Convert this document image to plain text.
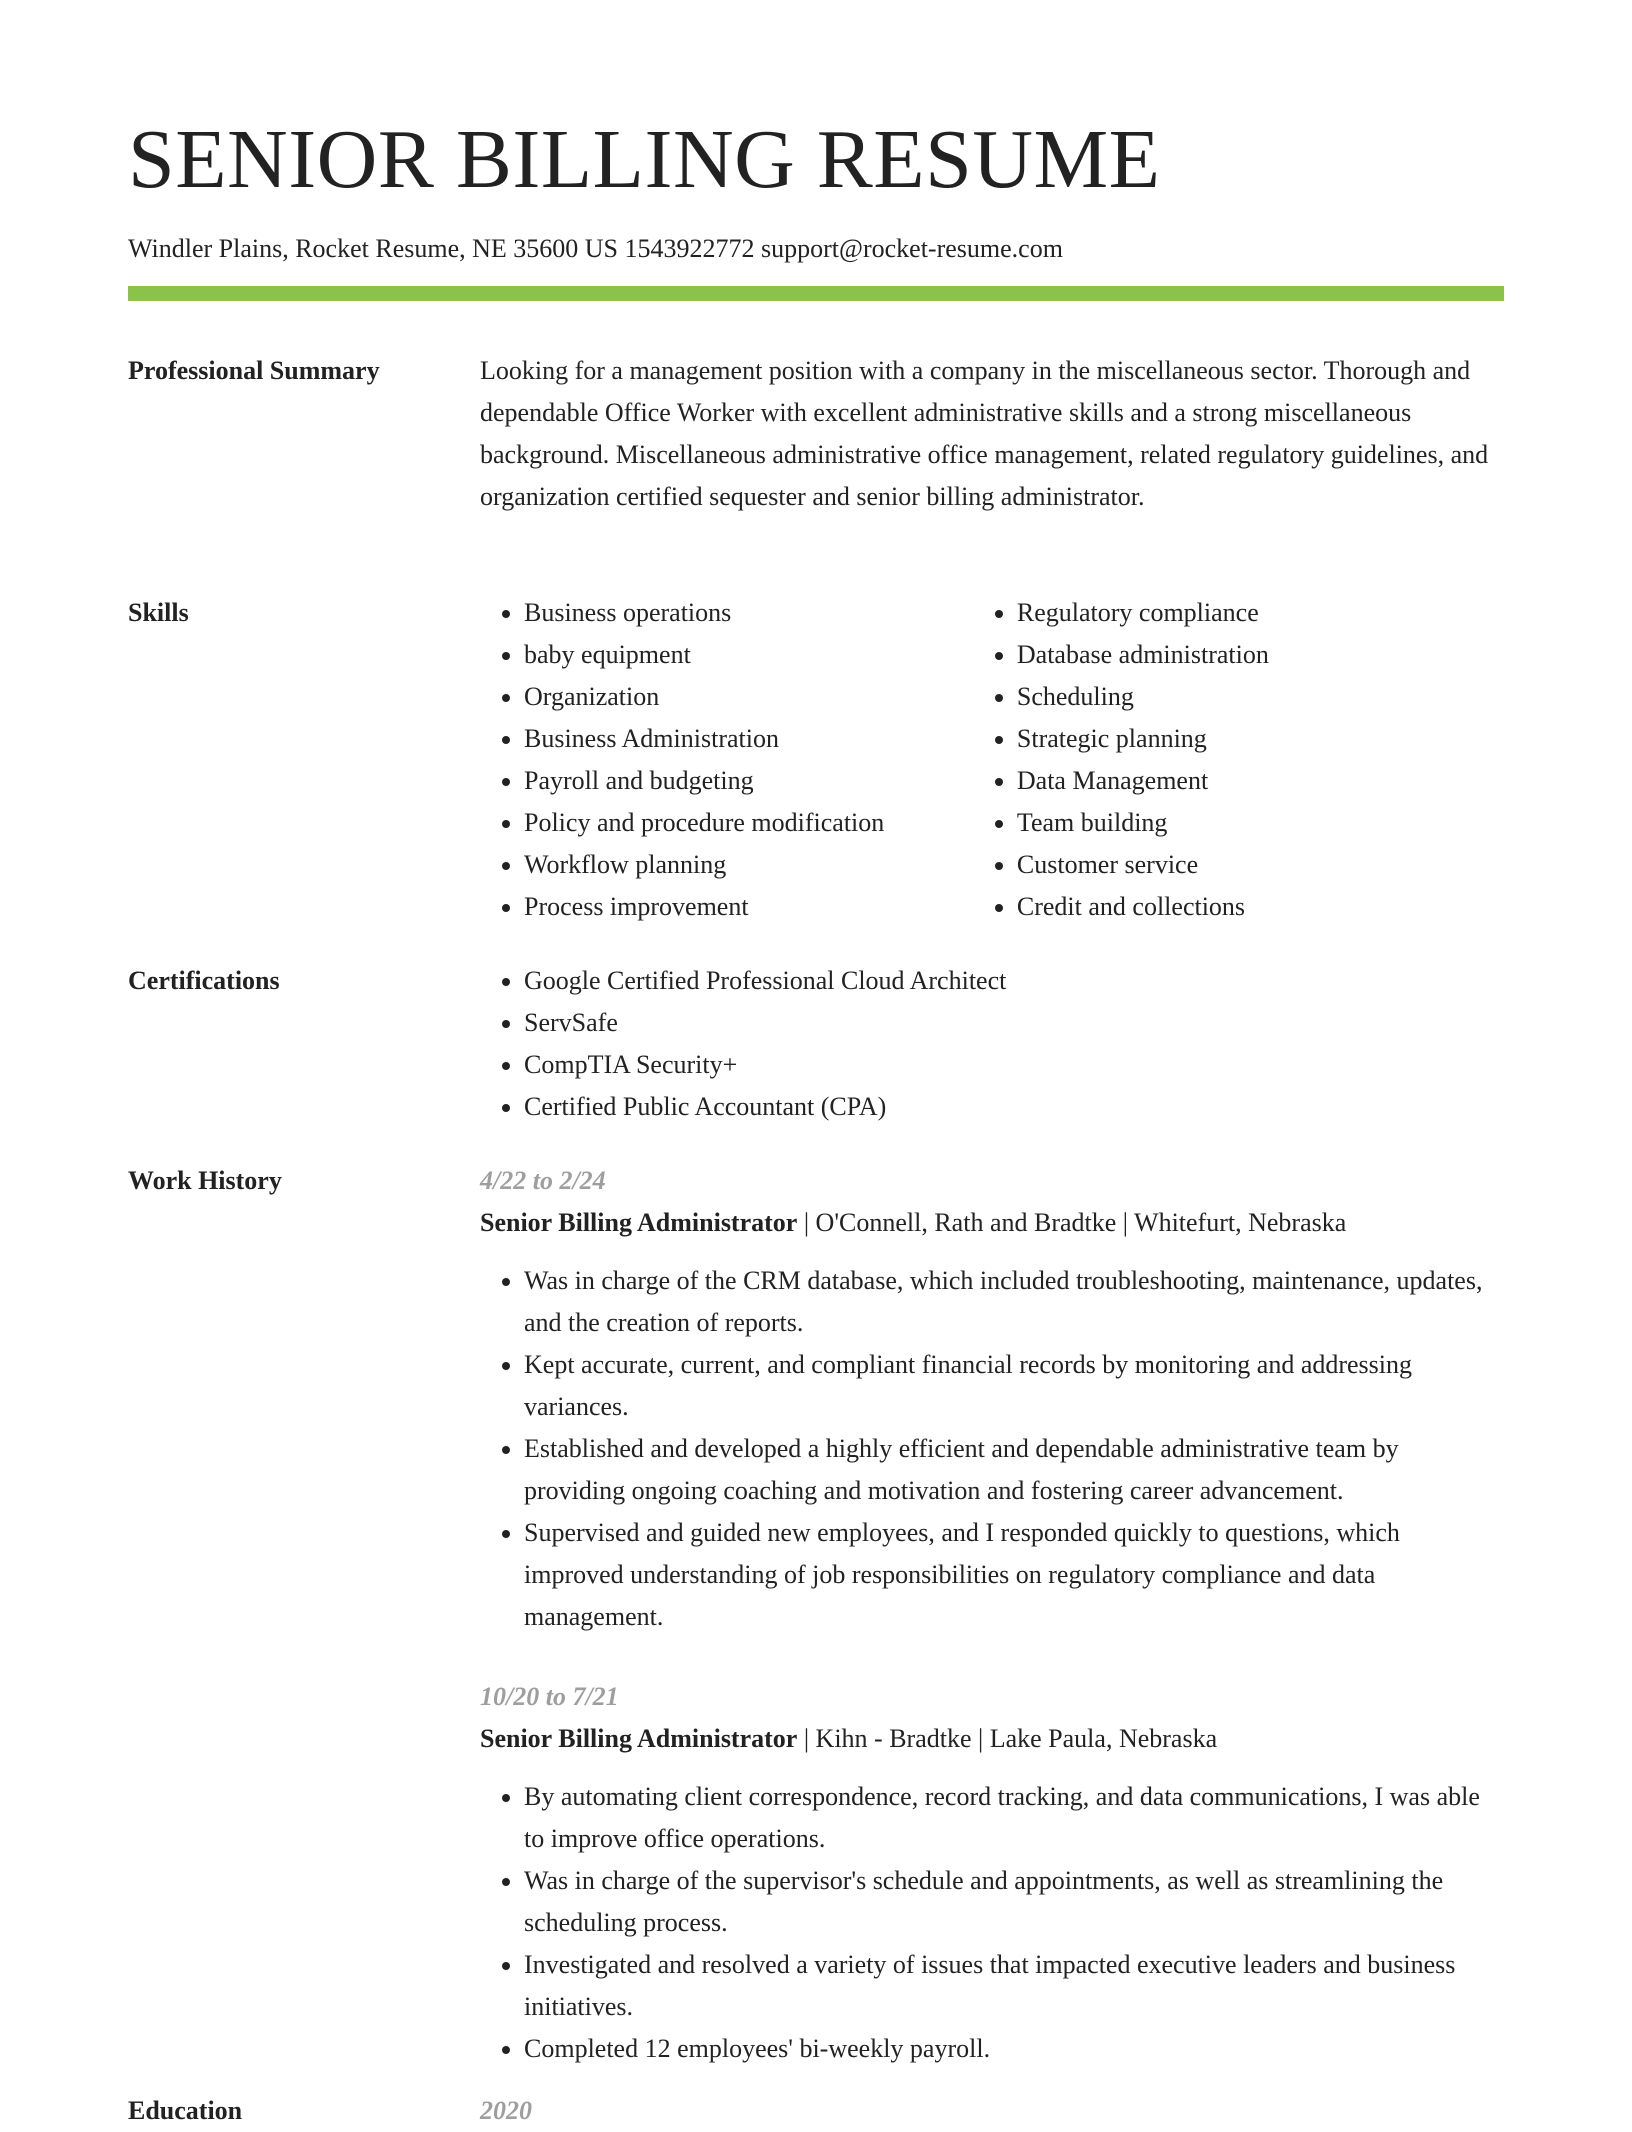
SENIOR BILLING RESUME
Windler Plains, Rocket Resume, NE 35600 US 1543922772 support@rocket-resume.com
Professional Summary	Looking for a management position with a company in the miscellaneous sector. Thorough and dependable Office Worker with excellent administrative skills and a strong miscellaneous background. Miscellaneous administrative office management, related regulatory guidelines, and organization certified sequester and senior billing administrator.

Skills	• Business operations
• baby equipment
• Organization
• Business Administration
• Payroll and budgeting
• Policy and procedure modification
• Workflow planning
• Process improvement
• Regulatory compliance
• Database administration
• Scheduling
• Strategic planning
• Data Management
• Team building
• Customer service
• Credit and collections
Certifications	• Google Certified Professional Cloud Architect
• ServSafe
• CompTIA Security+
• Certified Public Accountant (CPA)
Work History	4/22 to 2/24
Senior Billing Administrator | O'Connell, Rath and Bradtke | Whitefurt, Nebraska
• Was in charge of the CRM database, which included troubleshooting, maintenance, updates, and the creation of reports.
• Kept accurate, current, and compliant financial records by monitoring and addressing variances.
• Established and developed a highly efficient and dependable administrative team by providing ongoing coaching and motivation and fostering career advancement.
• Supervised and guided new employees, and I responded quickly to questions, which improved understanding of job responsibilities on regulatory compliance and data management.
10/20 to 7/21
Senior Billing Administrator | Kihn - Bradtke | Lake Paula, Nebraska
• By automating client correspondence, record tracking, and data communications, I was able to improve office operations.
• Was in charge of the supervisor's schedule and appointments, as well as streamlining the scheduling process.
• Investigated and resolved a variety of issues that impacted executive leaders and business initiatives.
• Completed 12 employees' bi-weekly payroll.
Education	2020
